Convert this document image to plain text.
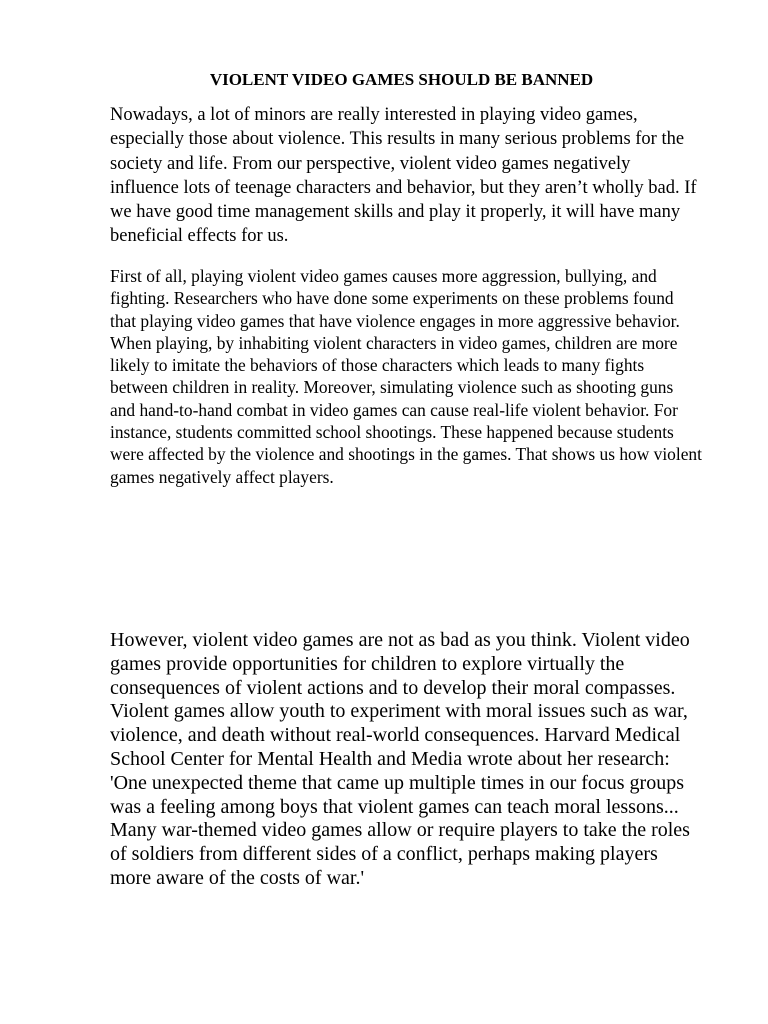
VIOLENT VIDEO GAMES SHOULD BE BANNED

Nowadays, a lot of minors are really interested in playing video games, especially those about violence. This results in many serious problems for the society and life. From our perspective, violent video games negatively influence lots of teenage characters and behavior, but they aren’t wholly bad. If we have good time management skills and play it properly, it will have many beneficial effects for us.

First of all, playing violent video games causes more aggression, bullying, and fighting. Researchers who have done some experiments on these problems found that playing video games that have violence engages in more aggressive behavior. When playing, by inhabiting violent characters in video games, children are more likely to imitate the behaviors of those characters which leads to many fights between children in reality. Moreover, simulating violence such as shooting guns and hand-to-hand combat in video games can cause real-life violent behavior. For instance, students committed school shootings. These happened because students were affected by the violence and shootings in the games. That shows us how violent games negatively affect players.

However, violent video games are not as bad as you think. Violent video games provide opportunities for children to explore virtually the consequences of violent actions and to develop their moral compasses. Violent games allow youth to experiment with moral issues such as war, violence, and death without real-world consequences. Harvard Medical School Center for Mental Health and Media wrote about her research: 'One unexpected theme that came up multiple times in our focus groups was a feeling among boys that violent games can teach moral lessons... Many war-themed video games allow or require players to take the roles of soldiers from different sides of a conflict, perhaps making players more aware of the costs of war.'
